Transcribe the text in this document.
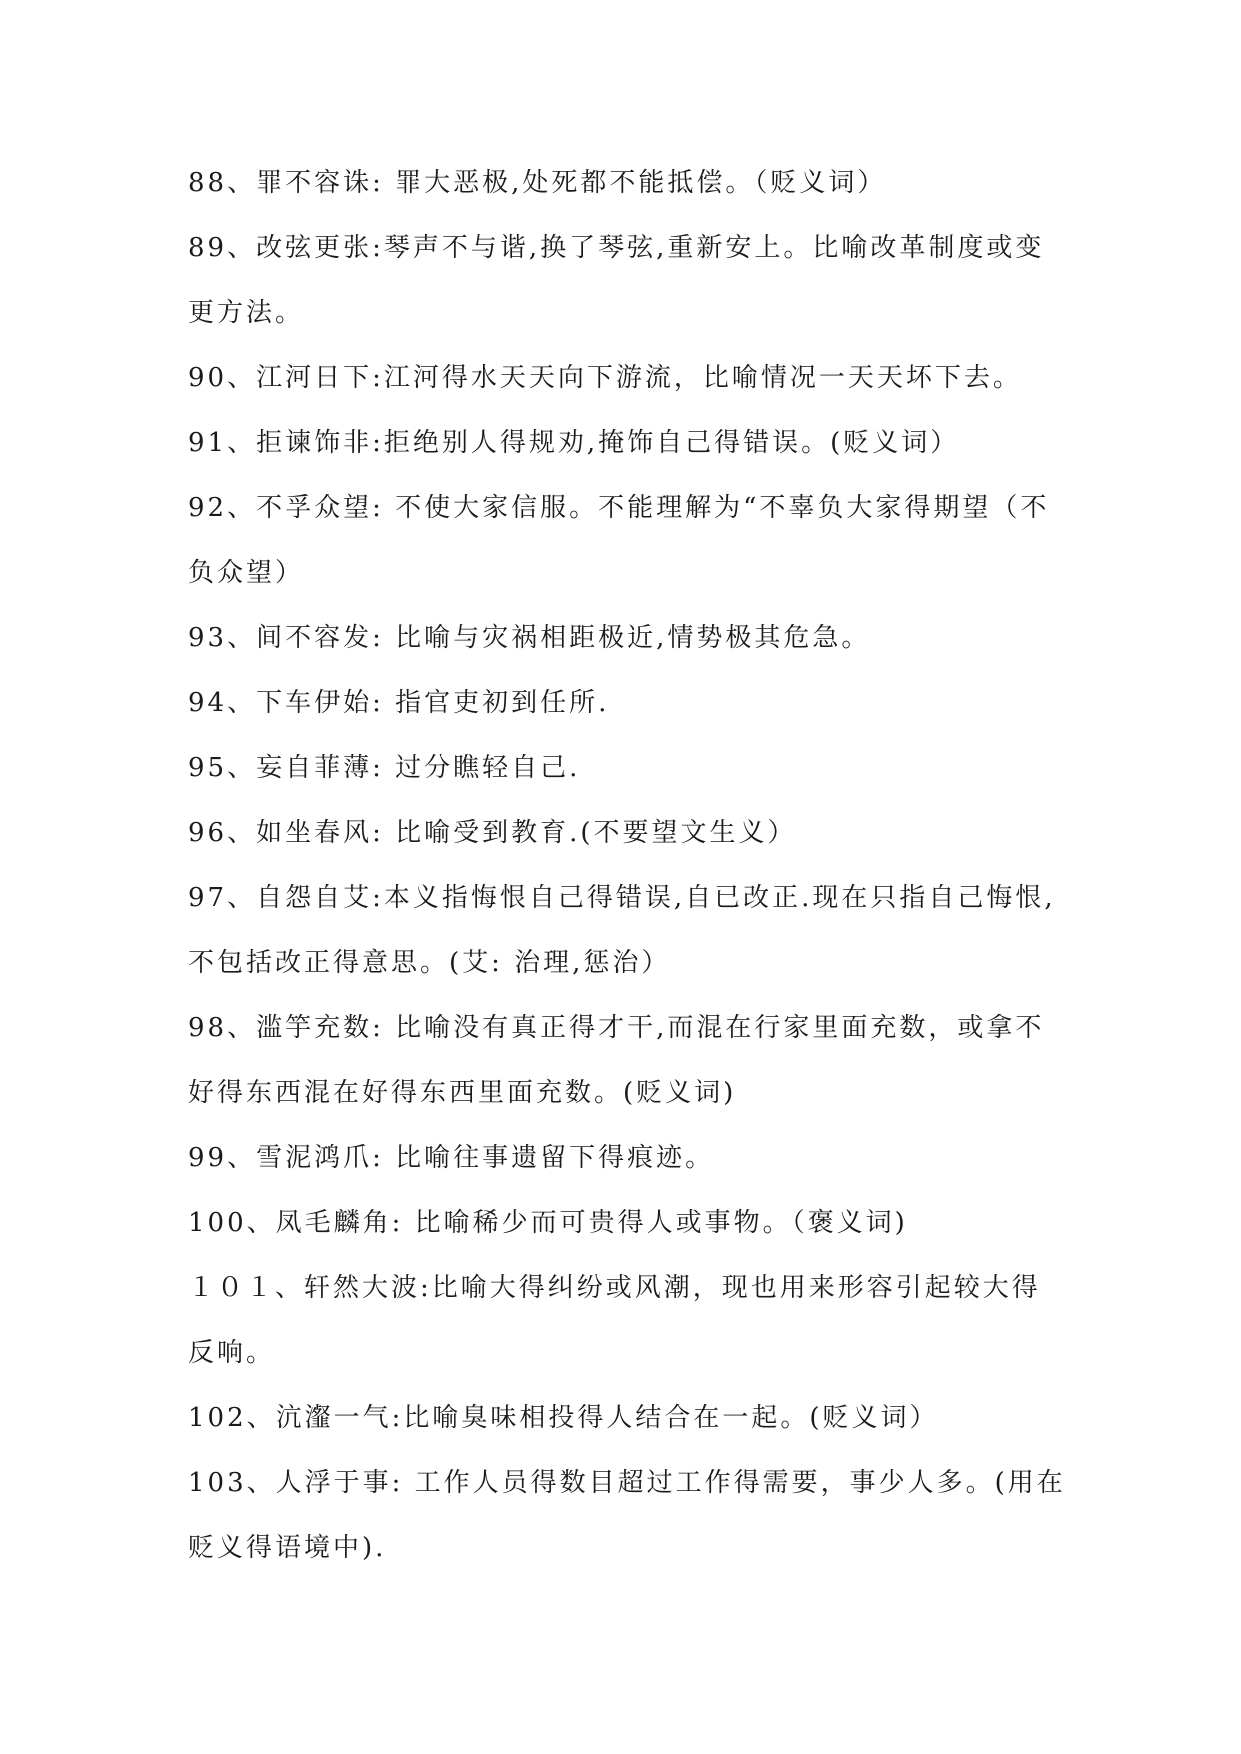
88、罪不容诛: 罪大恶极,处死都不能抵偿。（贬义词）
89、改弦更张:琴声不与谐,换了琴弦,重新安上。比喻改革制度或变
更方法。
90、江河日下:江河得水天天向下游流，比喻情况一天天坏下去。
91、拒谏饰非:拒绝别人得规劝,掩饰自己得错误。(贬义词）
92、不孚众望: 不使大家信服。不能理解为“不辜负大家得期望（不
负众望）
93、间不容发: 比喻与灾祸相距极近,情势极其危急。
94、下车伊始: 指官吏初到任所.
95、妄自菲薄: 过分瞧轻自己.
96、如坐春风: 比喻受到教育.(不要望文生义）
97、自怨自艾:本义指悔恨自己得错误,自已改正.现在只指自己悔恨,
不包括改正得意思。(艾: 治理,惩治）
98、滥竽充数: 比喻没有真正得才干,而混在行家里面充数，或拿不
好得东西混在好得东西里面充数。(贬义词)
99、雪泥鸿爪: 比喻往事遗留下得痕迹。
100、凤毛麟角: 比喻稀少而可贵得人或事物。（褒义词)
１０１、轩然大波:比喻大得纠纷或风潮，现也用来形容引起较大得
反响。
102、沆瀣一气:比喻臭味相投得人结合在一起。(贬义词）
103、人浮于事: 工作人员得数目超过工作得需要，事少人多。(用在
贬义得语境中).
